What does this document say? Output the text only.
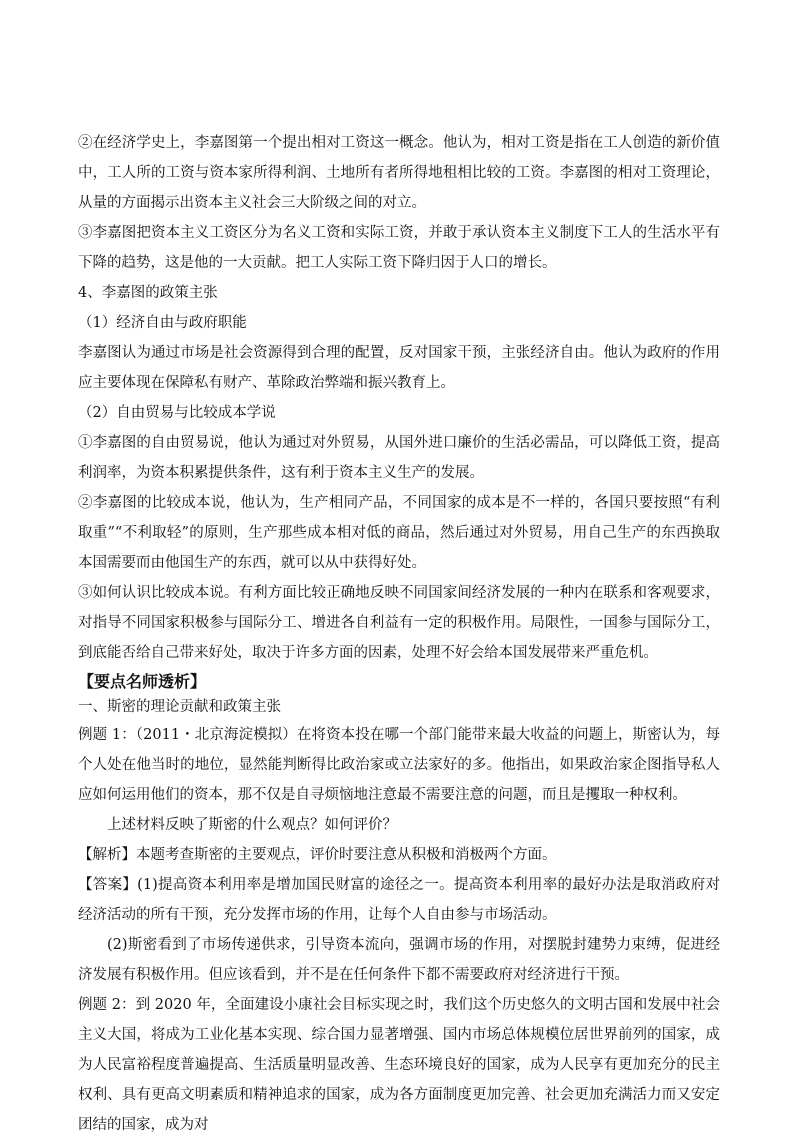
②在经济学史上，李嘉图第一个提出相对工资这一概念。他认为，相对工资是指在工人创造的新价值中，工人所的工资与资本家所得利润、土地所有者所得地租相比较的工资。李嘉图的相对工资理论，从量的方面揭示出资本主义社会三大阶级之间的对立。

③李嘉图把资本主义工资区分为名义工资和实际工资，并敢于承认资本主义制度下工人的生活水平有下降的趋势，这是他的一大贡献。把工人实际工资下降归因于人口的增长。

4、李嘉图的政策主张

（1）经济自由与政府职能

李嘉图认为通过市场是社会资源得到合理的配置，反对国家干预，主张经济自由。他认为政府的作用应主要体现在保障私有财产、革除政治弊端和振兴教育上。

（2）自由贸易与比较成本学说

①李嘉图的自由贸易说，他认为通过对外贸易，从国外进口廉价的生活必需品，可以降低工资，提高利润率，为资本积累提供条件，这有利于资本主义生产的发展。

②李嘉图的比较成本说，他认为，生产相同产品，不同国家的成本是不一样的，各国只要按照“有利取重”“不利取轻”的原则，生产那些成本相对低的商品，然后通过对外贸易，用自己生产的东西换取本国需要而由他国生产的东西，就可以从中获得好处。

③如何认识比较成本说。有利方面比较正确地反映不同国家间经济发展的一种内在联系和客观要求，对指导不同国家积极参与国际分工、增进各自利益有一定的积极作用。局限性，一国参与国际分工，到底能否给自己带来好处，取决于许多方面的因素，处理不好会给本国发展带来严重危机。

【要点名师透析】

一、斯密的理论贡献和政策主张

例题 1：（2011・北京海淀模拟）在将资本投在哪一个部门能带来最大收益的问题上，斯密认为，每个人处在他当时的地位，显然能判断得比政治家或立法家好的多。他指出，如果政治家企图指导私人应如何运用他们的资本，那不仅是自寻烦恼地注意最不需要注意的问题，而且是攫取一种权利。

上述材料反映了斯密的什么观点？如何评价？

【解析】本题考查斯密的主要观点，评价时要注意从积极和消极两个方面。

【答案】(1)提高资本利用率是增加国民财富的途径之一。提高资本利用率的最好办法是取消政府对经济活动的所有干预，充分发挥市场的作用，让每个人自由参与市场活动。

(2)斯密看到了市场传递供求，引导资本流向，强调市场的作用，对摆脱封建势力束缚，促进经济发展有积极作用。但应该看到，并不是在任何条件下都不需要政府对经济进行干预。

例题 2：到 2020 年，全面建设小康社会目标实现之时，我们这个历史悠久的文明古国和发展中社会主义大国，将成为工业化基本实现、综合国力显著增强、国内市场总体规模位居世界前列的国家，成为人民富裕程度普遍提高、生活质量明显改善、生态环境良好的国家，成为人民享有更加充分的民主权利、具有更高文明素质和精神追求的国家，成为各方面制度更加完善、社会更加充满活力而又安定团结的国家，成为对
